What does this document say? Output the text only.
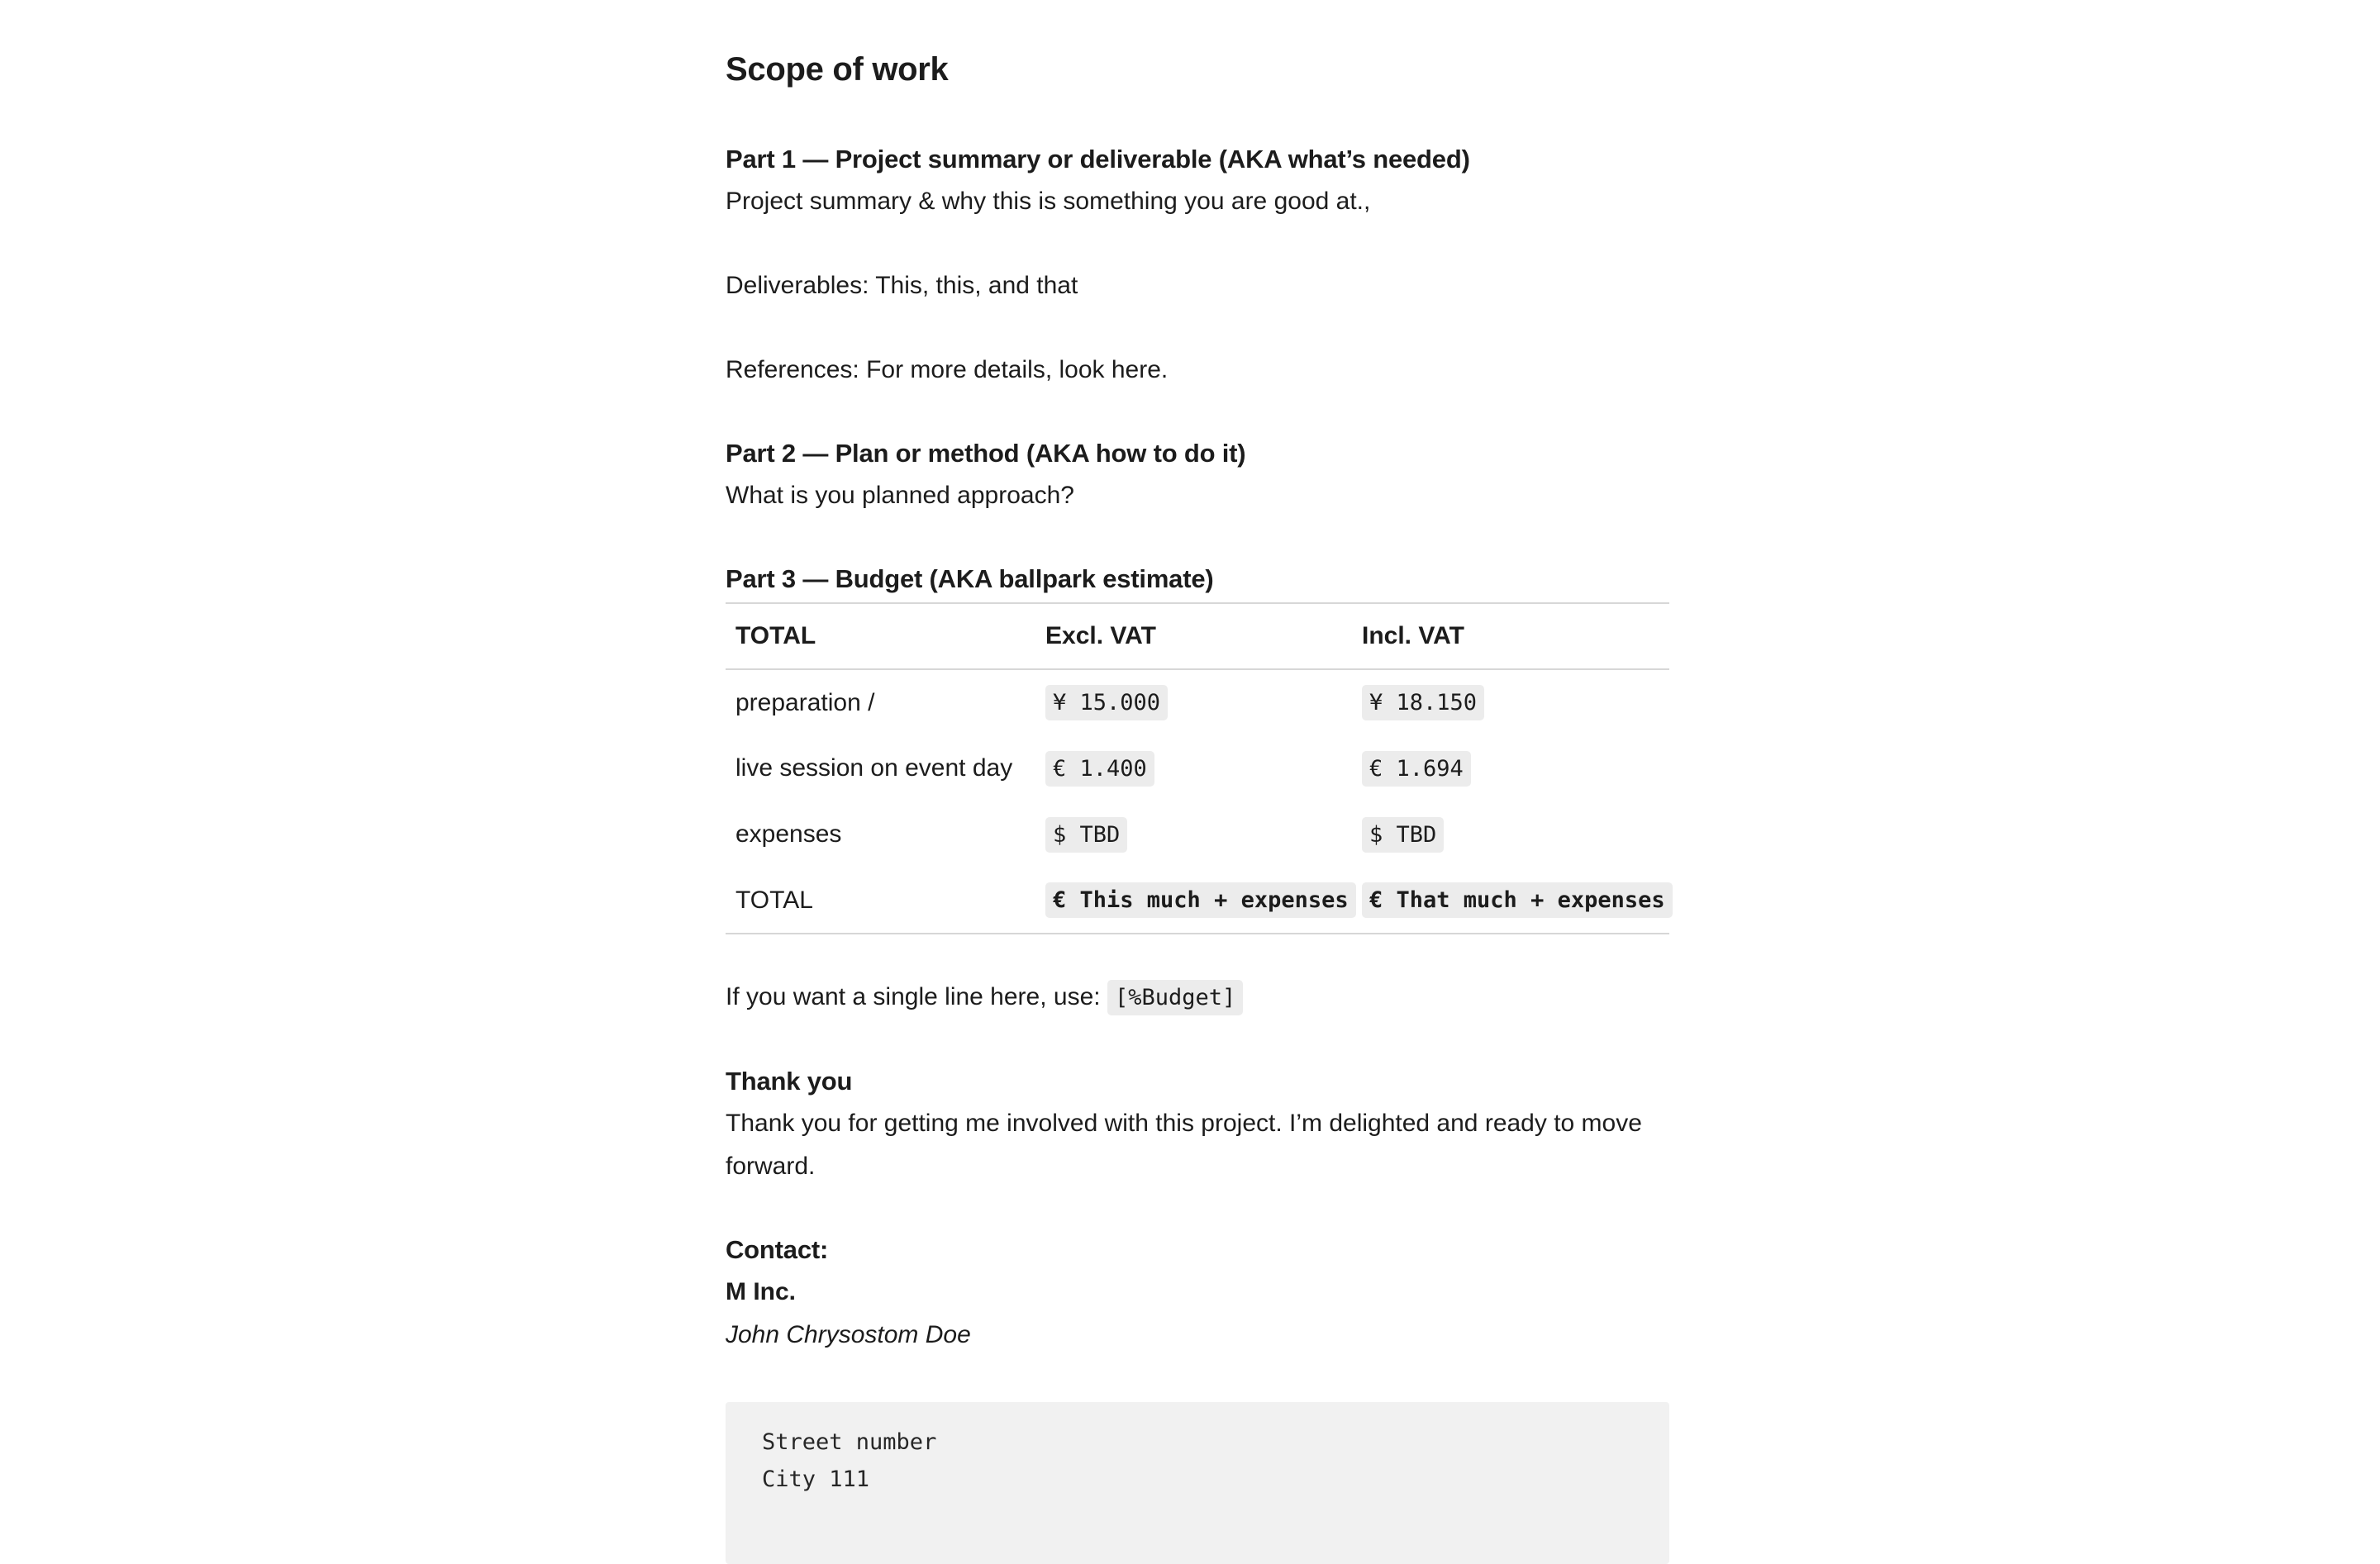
Scope of work
Part 1 — Project summary or deliverable (AKA what’s needed)

Project summary & why this is something you are good at.,

Deliverables: This, this, and that

References: For more details, look here.

Part 2 — Plan or method (AKA how to do it)

What is you planned approach?

Part 3 — Budget (AKA ballpark estimate)
TOTAL	Excl. VAT	Incl. VAT
preparation /	¥ 15.000	¥ 18.150
live session on event day	€ 1.400	€ 1.694
expenses	$ TBD	$ TBD
TOTAL	€ This much + expenses	€ That much + expenses

If you want a single line here, use: [%Budget]

Thank you

Thank you for getting me involved with this project. I’m delighted and ready to move forward.

Contact:

M Inc.

John Chrysostom Doe

Street number
City 111
